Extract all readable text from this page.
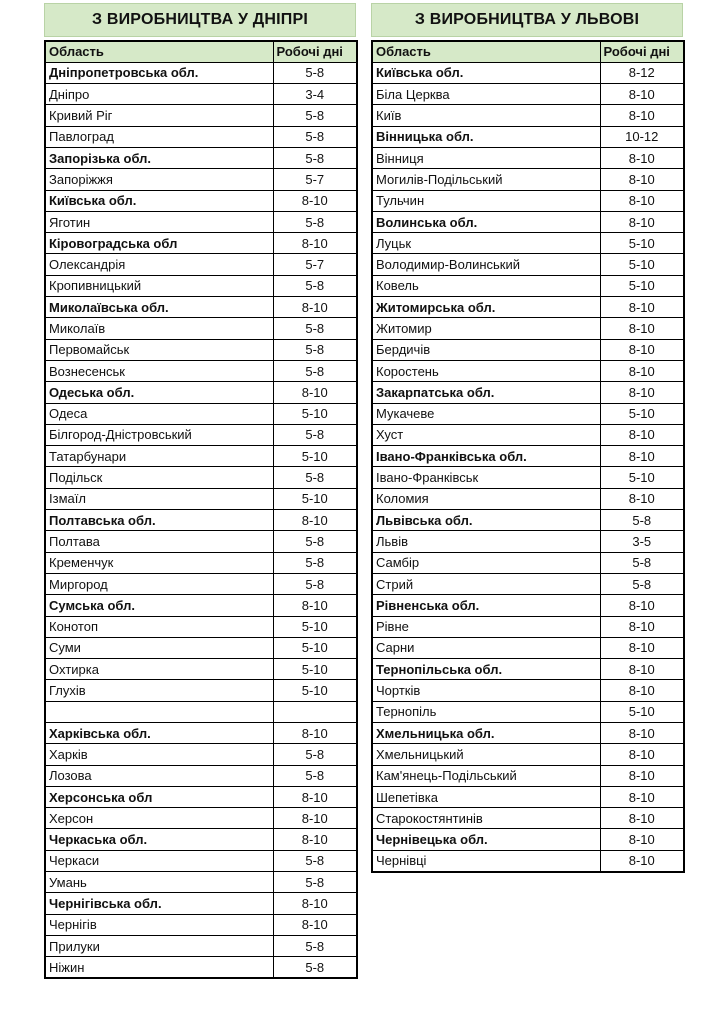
З ВИРОБНИЦТВА У ДНІПРІ
Область	Робочі дні
Дніпропетровська обл.	5-8
Дніпро	3-4
Кривий Ріг	5-8
Павлоград	5-8
Запорізька обл.	5-8
Запоріжжя	5-7
Київська обл.	8-10
Яготин	5-8
Кіровоградська обл	8-10
Олександрія	5-7
Кропивницький	5-8
Миколаївська обл.	8-10
Миколаїв	5-8
Первомайськ	5-8
Вознесенськ	5-8
Одеська обл.	8-10
Одеса	5-10
Білгород-Дністровський	5-8
Татарбунари	5-10
Подільск	5-8
Ізмаїл	5-10
Полтавська обл.	8-10
Полтава	5-8
Кременчук	5-8
Миргород	5-8
Сумська обл.	8-10
Конотоп	5-10
Суми	5-10
Охтирка	5-10
Глухів	5-10

Харківська обл.	8-10
Харків	5-8
Лозова	5-8
Херсонська обл	8-10
Херсон	8-10
Черкаська обл.	8-10
Черкаси	5-8
Умань	5-8
Чернігівська обл.	8-10
Чернігів	8-10
Прилуки	5-8
Ніжин	5-8
З ВИРОБНИЦТВА У ЛЬВОВІ
Область	Робочі дні
Київська обл.	8-12
Біла Церква	8-10
Київ	8-10
Вінницька обл.	10-12
Вінниця	8-10
Могилів-Подільський	8-10
Тульчин	8-10
Волинська обл.	8-10
Луцьк	5-10
Володимир-Волинський	5-10
Ковель	5-10
Житомирська обл.	8-10
Житомир	8-10
Бердичів	8-10
Коростень	8-10
Закарпатська обл.	8-10
Мукачеве	5-10
Хуст	8-10
Івано-Франківська обл.	8-10
Івано-Франківськ	5-10
Коломия	8-10
Львівська обл.	5-8
Львів	3-5
Самбір	5-8
Стрий	5-8
Рівненська обл.	8-10
Рівне	8-10
Сарни	8-10
Тернопільська обл.	8-10
Чортків	8-10
Тернопіль	5-10
Хмельницька обл.	8-10
Хмельницький	8-10
Кам'янець-Подільський	8-10
Шепетівка	8-10
Старокостянтинів	8-10
Чернівецька обл.	8-10
Чернівці	8-10
